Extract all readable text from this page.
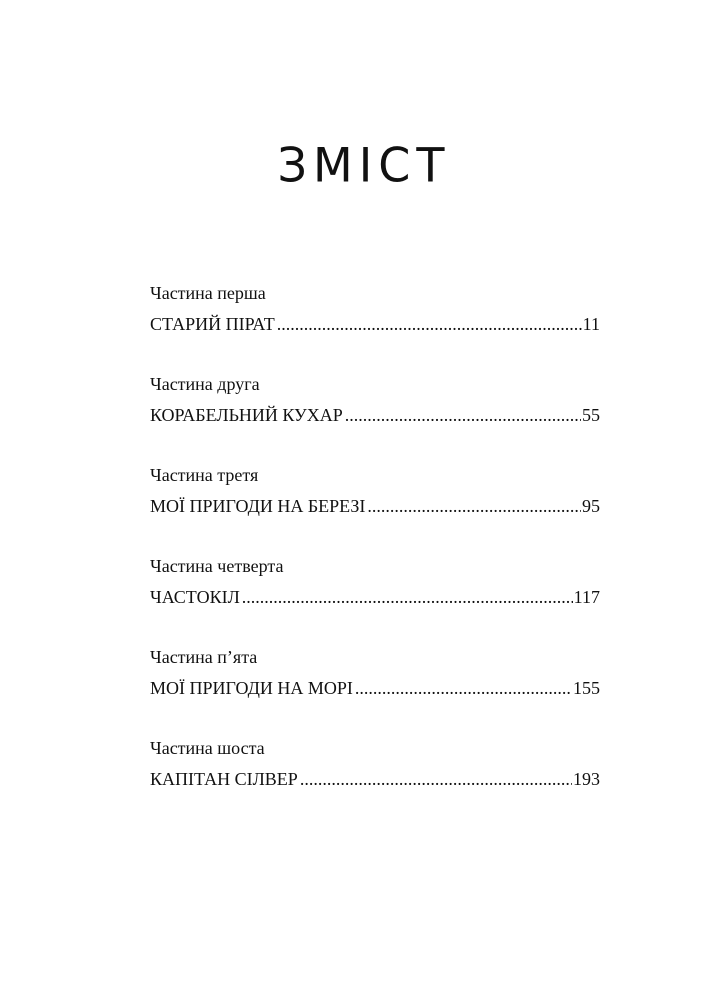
ЗМІСТ
Частина перша
СТАРИЙ ПІРАТ .....	11
Частина друга
КОРАБЕЛЬНИЙ КУХАР .....	55
Частина третя
МОЇ ПРИГОДИ НА БЕРЕЗІ .....	95
Частина четверта
ЧАСТОКІЛ .....	117
Частина п’ята
МОЇ ПРИГОДИ НА МОРІ .....	155
Частина шоста
КАПІТАН СІЛВЕР .....	193
